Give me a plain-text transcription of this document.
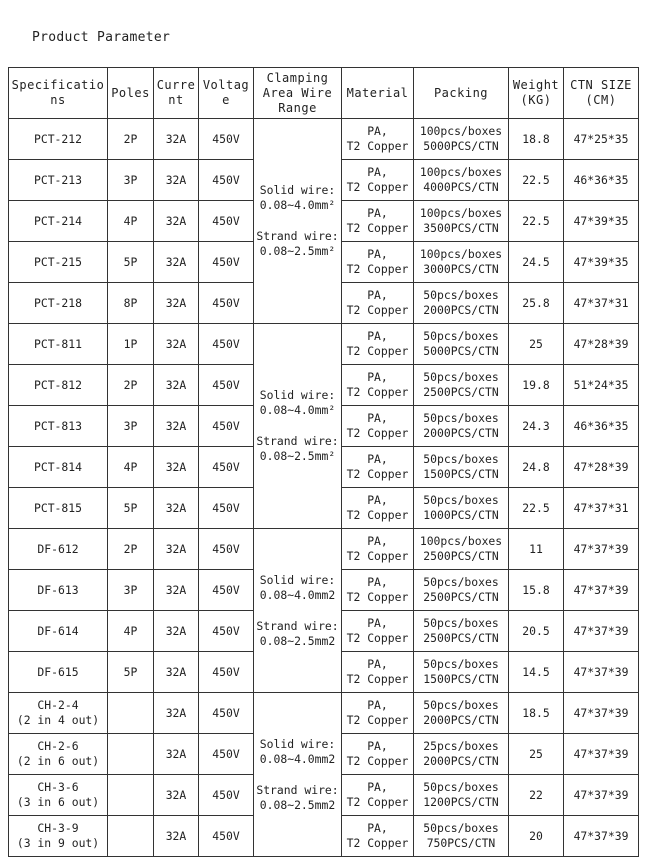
Product Parameter
Specifications	Poles	Current	Voltage	Clamping Area Wire Range	Material	Packing	Weight (KG)	CTN SIZE (CM)
PCT-212	2P	32A	450V	Solid wire:
0.08~4.0mm²
Strand wire:
0.08~2.5mm²	PA,
T2 Copper	100pcs/boxes
5000PCS/CTN	18.8	47*25*35
PCT-213	3P	32A	450V		PA,
T2 Copper	100pcs/boxes
4000PCS/CTN	22.5	46*36*35
PCT-214	4P	32A	450V		PA,
T2 Copper	100pcs/boxes
3500PCS/CTN	22.5	47*39*35
PCT-215	5P	32A	450V		PA,
T2 Copper	100pcs/boxes
3000PCS/CTN	24.5	47*39*35
PCT-218	8P	32A	450V		PA,
T2 Copper	50pcs/boxes
2000PCS/CTN	25.8	47*37*31
PCT-811	1P	32A	450V	Solid wire:
0.08~4.0mm²
Strand wire:
0.08~2.5mm²	PA,
T2 Copper	50pcs/boxes
5000PCS/CTN	25	47*28*39
PCT-812	2P	32A	450V		PA,
T2 Copper	50pcs/boxes
2500PCS/CTN	19.8	51*24*35
PCT-813	3P	32A	450V		PA,
T2 Copper	50pcs/boxes
2000PCS/CTN	24.3	46*36*35
PCT-814	4P	32A	450V		PA,
T2 Copper	50pcs/boxes
1500PCS/CTN	24.8	47*28*39
PCT-815	5P	32A	450V		PA,
T2 Copper	50pcs/boxes
1000PCS/CTN	22.5	47*37*31
DF-612	2P	32A	450V	Solid wire:
0.08~4.0mm2
Strand wire:
0.08~2.5mm2	PA,
T2 Copper	100pcs/boxes
2500PCS/CTN	11	47*37*39
DF-613	3P	32A	450V		PA,
T2 Copper	50pcs/boxes
2500PCS/CTN	15.8	47*37*39
DF-614	4P	32A	450V		PA,
T2 Copper	50pcs/boxes
2500PCS/CTN	20.5	47*37*39
DF-615	5P	32A	450V		PA,
T2 Copper	50pcs/boxes
1500PCS/CTN	14.5	47*37*39
CH-2-4
(2 in 4 out)		32A	450V	Solid wire:
0.08~4.0mm2
Strand wire:
0.08~2.5mm2	PA,
T2 Copper	50pcs/boxes
2000PCS/CTN	18.5	47*37*39
CH-2-6
(2 in 6 out)		32A	450V		PA,
T2 Copper	25pcs/boxes
2000PCS/CTN	25	47*37*39
CH-3-6
(3 in 6 out)		32A	450V		PA,
T2 Copper	50pcs/boxes
1200PCS/CTN	22	47*37*39
CH-3-9
(3 in 9 out)		32A	450V		PA,
T2 Copper	50pcs/boxes
750PCS/CTN	20	47*37*39
